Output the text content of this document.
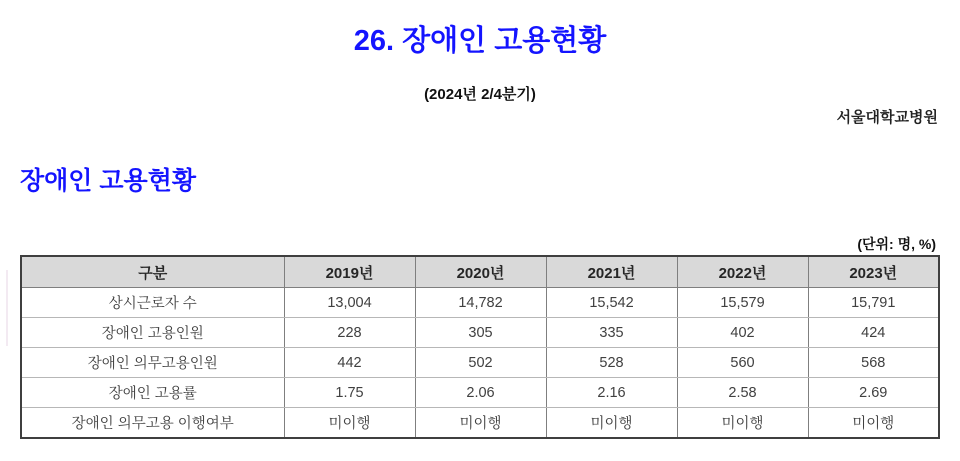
26. 장애인 고용현황
(2024년 2/4분기)
서울대학교병원
장애인 고용현황
(단위: 명, %)
구분	2019년	2020년	2021년	2022년	2023년
상시근로자 수	13,004	14,782	15,542	15,579	15,791
장애인 고용인원	228	305	335	402	424
장애인 의무고용인원	442	502	528	560	568
장애인 고용률	1.75	2.06	2.16	2.58	2.69
장애인 의무고용 이행여부	미이행	미이행	미이행	미이행	미이행
